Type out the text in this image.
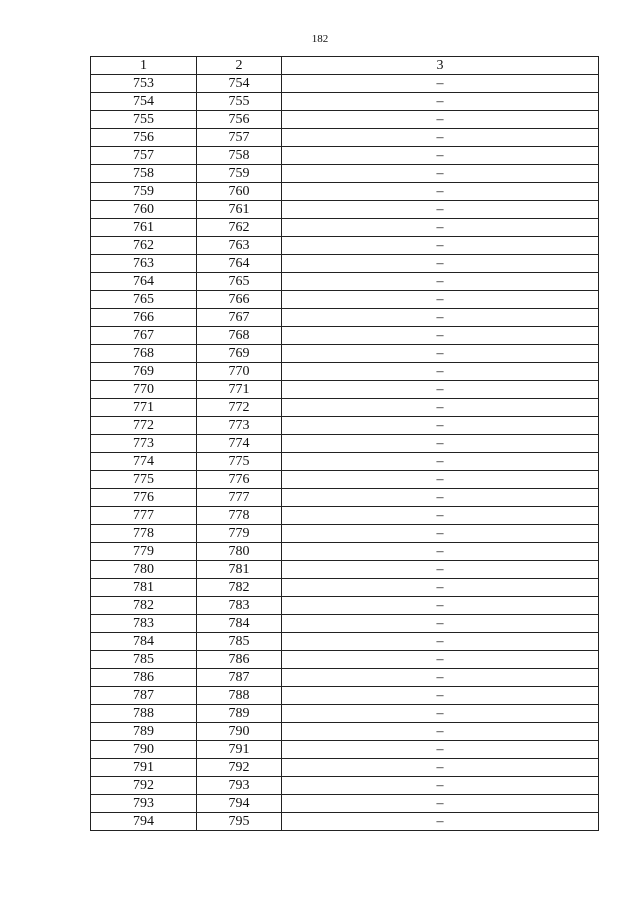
182
1	2	3
753	754	–
754	755	–
755	756	–
756	757	–
757	758	–
758	759	–
759	760	–
760	761	–
761	762	–
762	763	–
763	764	–
764	765	–
765	766	–
766	767	–
767	768	–
768	769	–
769	770	–
770	771	–
771	772	–
772	773	–
773	774	–
774	775	–
775	776	–
776	777	–
777	778	–
778	779	–
779	780	–
780	781	–
781	782	–
782	783	–
783	784	–
784	785	–
785	786	–
786	787	–
787	788	–
788	789	–
789	790	–
790	791	–
791	792	–
792	793	–
793	794	–
794	795	–
